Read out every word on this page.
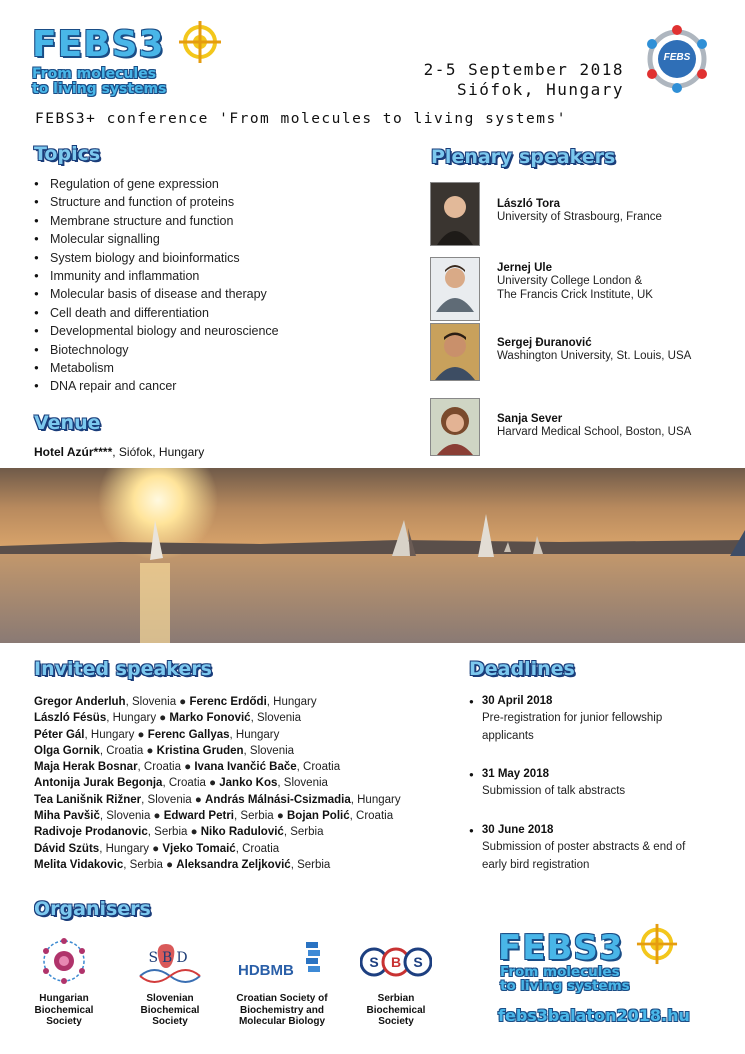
FEBS3
From molecules
to living systems
2-5 September 2018
Siófok, Hungary
FEBS
FEBS3+ conference 'From molecules to living systems'
Topics
● Regulation of gene expression
● Structure and function of proteins
● Membrane structure and function
● Molecular signalling
● System biology and bioinformatics
● Immunity and inflammation
● Molecular basis of disease and therapy
● Cell death and differentiation
● Developmental biology and neuroscience
● Biotechnology
● Metabolism
● DNA repair and cancer
Venue
Hotel Azúr****, Siófok, Hungary
Plenary speakers
László Tora
University of Strasbourg, France
Jernej Ule
University College London &
The Francis Crick Institute, UK
Sergej Đuranović
Washington University, St. Louis, USA
Sanja Sever
Harvard Medical School, Boston, USA
Invited speakers
Gregor Anderluh, Slovenia ● Ferenc Erdődi, Hungary
László Fésüs, Hungary ● Marko Fonović, Slovenia
Péter Gál, Hungary ● Ferenc Gallyas, Hungary
Olga Gornik, Croatia ● Kristina Gruden, Slovenia
Maja Herak Bosnar, Croatia ● Ivana Ivančić Bače, Croatia
Antonija Jurak Begonja, Croatia ● Janko Kos, Slovenia
Tea Lanišnik Rižner, Slovenia ● András Málnási-Csizmadia, Hungary
Miha Pavšič, Slovenia ● Edward Petri, Serbia ● Bojan Polić, Croatia
Radivoje Prodanovic, Serbia ● Niko Radulović, Serbia
Dávid Szüts, Hungary ● Vjeko Tomaić, Croatia
Melita Vidakovic, Serbia ● Aleksandra Zeljković, Serbia
Deadlines
● 30 April 2018
Pre-registration for junior fellowship
applicants
● 31 May 2018
Submission of talk abstracts
● 30 June 2018
Submission of poster abstracts & end of
early bird registration
Organisers
Hungarian
Biochemical
Society
SBD
Slovenian
Biochemical
Society
HDBMB
Croatian Society of
Biochemistry and
Molecular Biology
S B S
Serbian
Biochemical
Society
FEBS3
From molecules
to living systems
febs3balaton2018.hu
